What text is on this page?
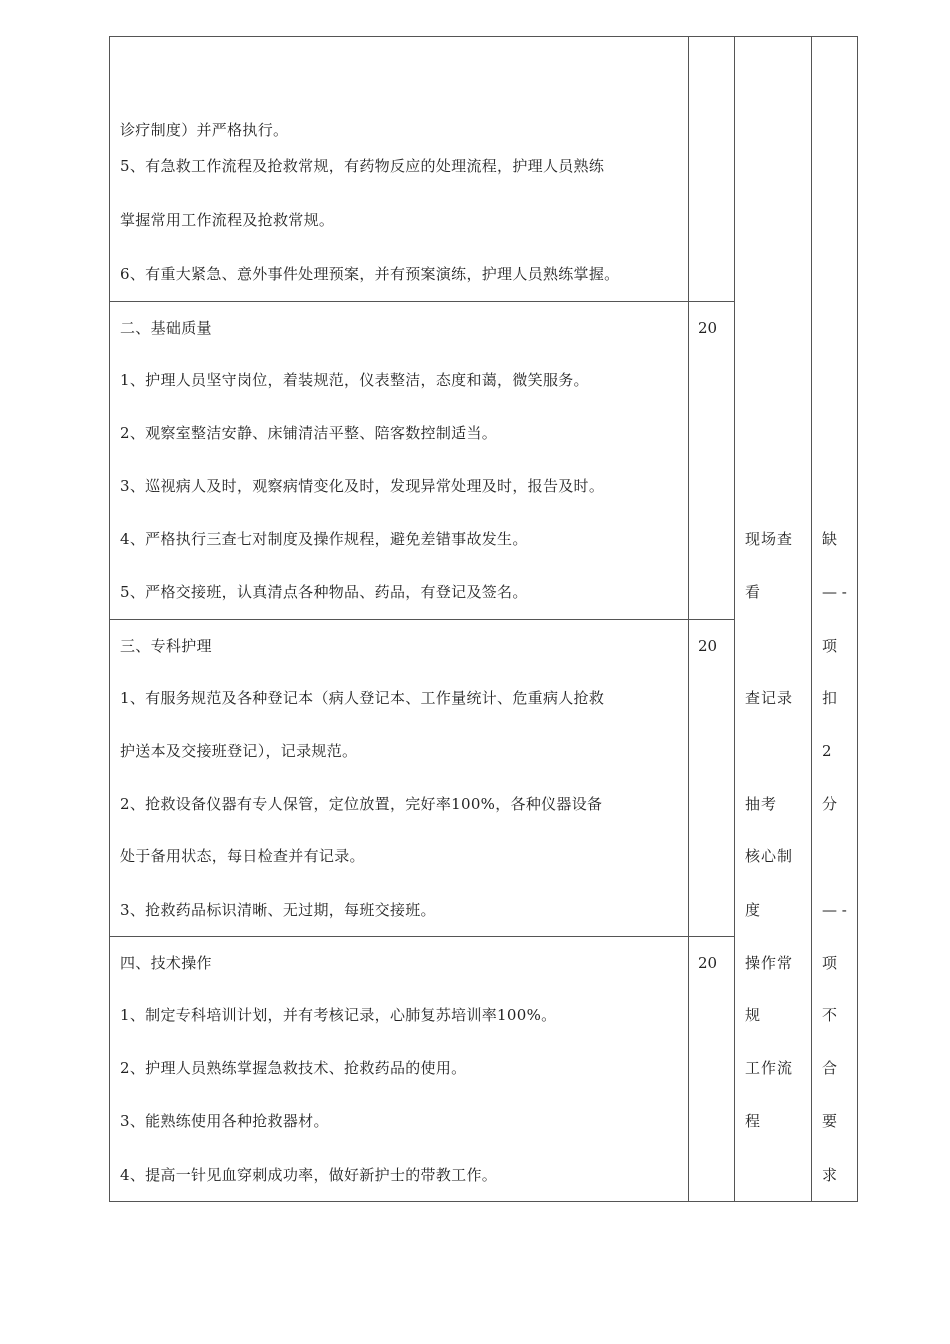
诊疗制度）并严格执行。
5、有急救工作流程及抢救常规，有药物反应的处理流程，护理人员熟练
掌握常用工作流程及抢救常规。
6、有重大紧急、意外事件处理预案，并有预案演练，护理人员熟练掌握。
20
二、基础质量
1、护理人员坚守岗位，着装规范，仪表整洁，态度和蔼，微笑服务。
2、观察室整洁安静、床铺清洁平整、陪客数控制适当。
3、巡视病人及时，观察病情变化及时，发现异常处理及时，报告及时。
4、严格执行三查七对制度及操作规程，避免差错事故发生。
5、严格交接班，认真清点各种物品、药品，有登记及签名。
20
三、专科护理
1、有服务规范及各种登记本（病人登记本、工作量统计、危重病人抢救
护送本及交接班登记），记录规范。
2、抢救设备仪器有专人保管，定位放置，完好率100%，各种仪器设备
处于备用状态，每日检查并有记录。
3、抢救药品标识清晰、无过期，每班交接班。
20
四、技术操作
1、制定专科培训计划，并有考核记录，心肺复苏培训率100%。
2、护理人员熟练掌握急救技术、抢救药品的使用。
3、能熟练使用各种抢救器材。
4、提高一针见血穿刺成功率，做好新护士的带教工作。
现场查
看
查记录
抽考
核心制
度
操作常
规
工作流
程
缺
— -
项
扣
2
分
— -
项
不
合
要
求
